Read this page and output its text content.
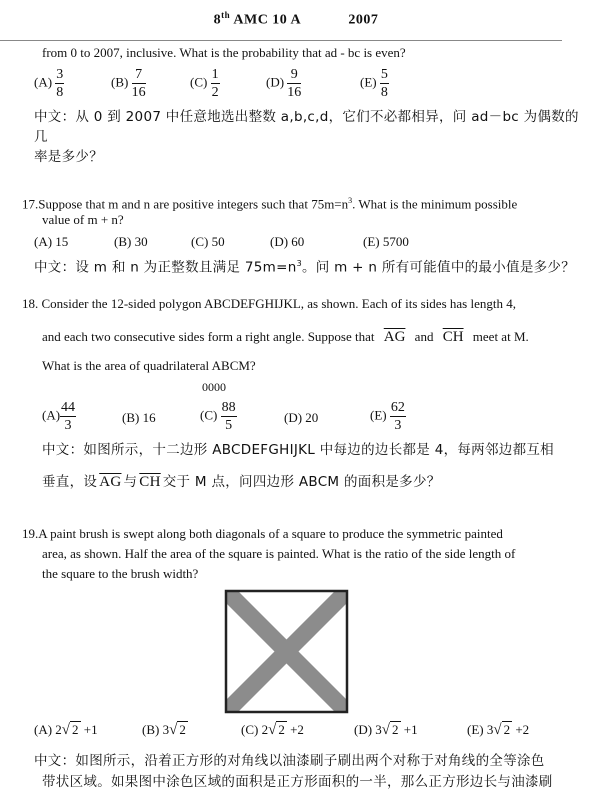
8th AMC 10 A	2007
from 0 to 2007, inclusive. What is the probability that ad - bc is even?
$(A) \frac{3}{8}$	$(B) \frac{7}{16}$	$(C) \frac{1}{2}$	$(D) \frac{9}{16}$	$(E) \frac{5}{8}$
中文：从 0 到 2007 中任意地选出整数 a,b,c,d，它们不必都相异，问 ad－bc 为偶数的
几
率是多少？
17.Suppose that m and n are positive integers such that $75m=n^3$. What is the minimum possible
value of m + n?
(A) 15	(B) 30	(C) 50	(D) 60	(E) 5700
中文：设 m 和 n 为正整数且满足 $75m=n^3$。问 m + n 所有可能值中的最小值是多少？
18. Consider the 12-sided polygon ABCDEFGHIJKL, as shown. Each of its sides has length 4,
and each two consecutive sides form a right angle. Suppose that $\overline{AG}$ and $\overline{CH}$ meet at M.
What is the area of quadrilateral ABCM?
0000
$(A) \frac{44}{3}$	(B) 16	$(C) \frac{88}{5}$	(D) 20	$(E) \frac{62}{3}$
中文：如图所示，十二边形 ABCDEFGHIJKL 中每边的边长都是 4，每两邻边都互相
垂直，设 $\overline{AG}$ 与 $\overline{CH}$ 交于 M 点，问四边形 ABCM 的面积是多少？
19.A paint brush is swept along both diagonals of a square to produce the symmetric painted
area, as shown. Half the area of the square is painted. What is the ratio of the side length of
the square to the brush width?
(A) 2√ 2 +1	(B) 3√ 2	(C) 2√ 2 +2	(D) 3√ 2 +1	(E) 3√ 2 +2
中文：如图所示，沿着正方形的对角线以油漆刷子刷出两个对称于对角线的全等涂色
带状区域。如果图中涂色区域的面积是正方形面积的一半，那么正方形边长与油漆刷
